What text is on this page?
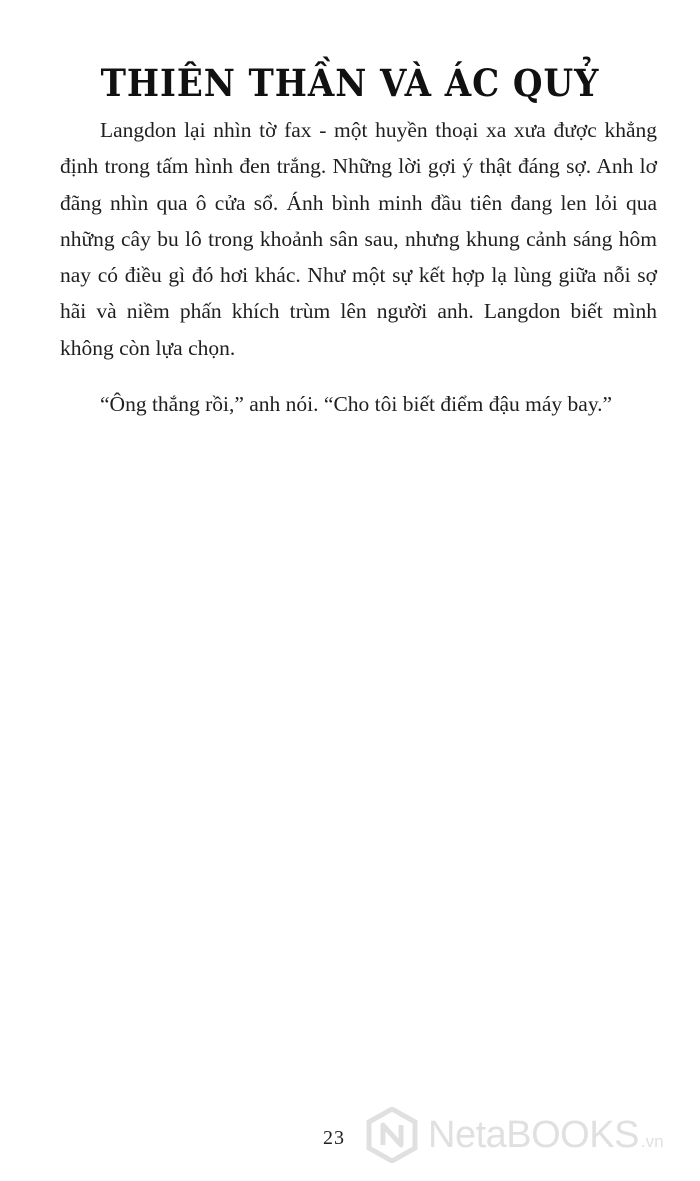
THIÊN THẦN VÀ ÁC QUỶ

Langdon lại nhìn tờ fax - một huyền thoại xa xưa được khẳng định trong tấm hình đen trắng. Những lời gợi ý thật đáng sợ. Anh lơ đãng nhìn qua ô cửa sổ. Ánh bình minh đầu tiên đang len lỏi qua những cây bu lô trong khoảnh sân sau, nhưng khung cảnh sáng hôm nay có điều gì đó hơi khác. Như một sự kết hợp lạ lùng giữa nỗi sợ hãi và niềm phấn khích trùm lên người anh. Langdon biết mình không còn lựa chọn.

“Ông thắng rồi,” anh nói. “Cho tôi biết điểm đậu máy bay.”

23 NetaBOOKS .vn
